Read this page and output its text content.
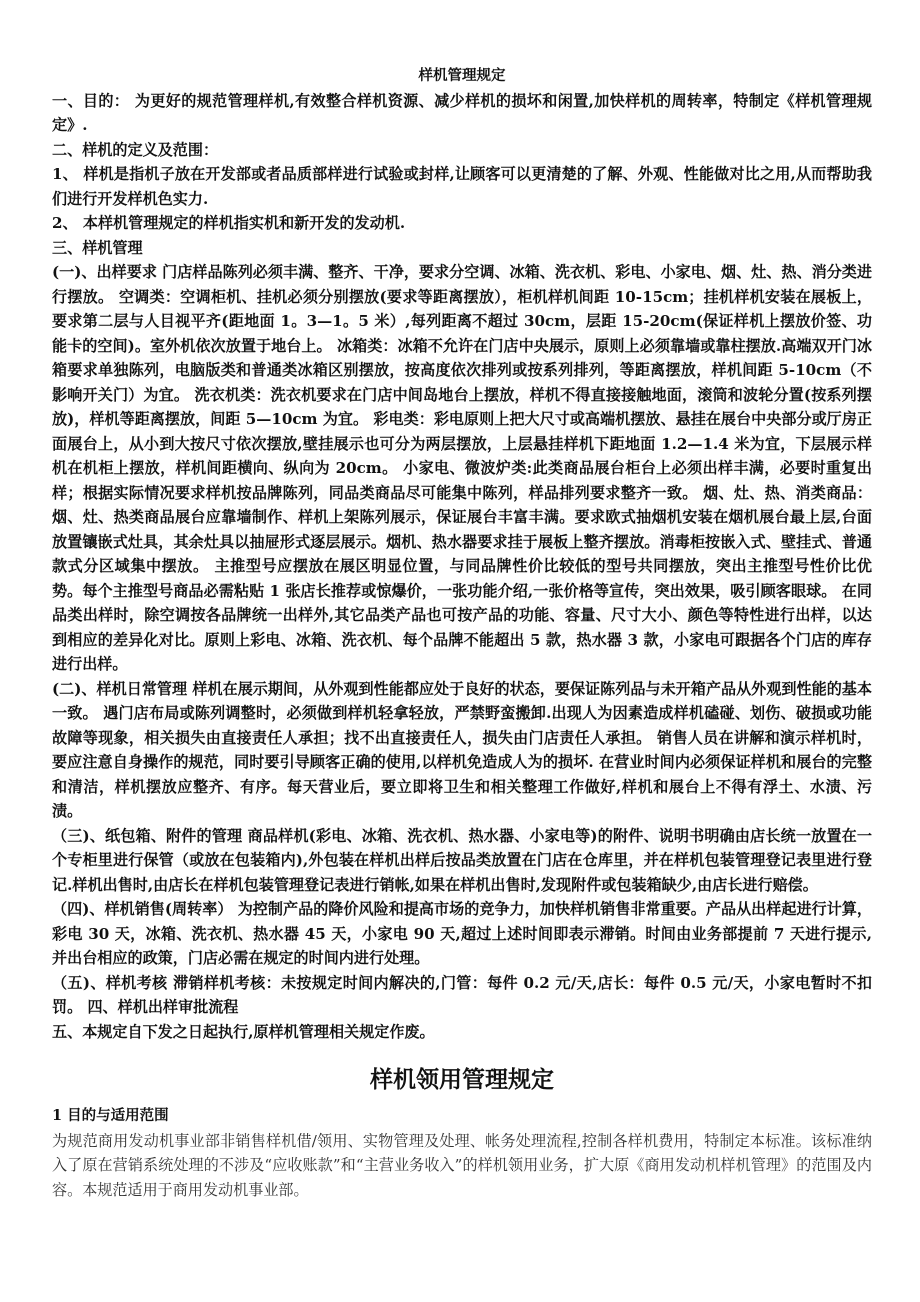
样机管理规定

一、目的： 为更好的规范管理样机,有效整合样机资源、减少样机的损坏和闲置,加快样机的周转率，特制定《样机管理规定》.

二、样机的定义及范围：

1、 样机是指机子放在开发部或者品质部样进行试验或封样,让顾客可以更清楚的了解、外观、性能做对比之用,从而帮助我们进行开发样机色实力.

2、 本样机管理规定的样机指实机和新开发的发动机.

三、样机管理

(一)、出样要求 门店样品陈列必须丰满、整齐、干净，要求分空调、冰箱、洗衣机、彩电、小家电、烟、灶、热、消分类进行摆放。 空调类：空调柜机、挂机必须分别摆放(要求等距离摆放），柜机样机间距 10-15cm；挂机样机安装在展板上，要求第二层与人目视平齐(距地面 1。3—1。5 米）,每列距离不超过 30cm，层距 15-20cm(保证样机上摆放价签、功能卡的空间)。室外机依次放置于地台上。 冰箱类：冰箱不允许在门店中央展示，原则上必须靠墙或靠柱摆放.高端双开门冰箱要求单独陈列，电脑版类和普通类冰箱区别摆放，按高度依次排列或按系列排列，等距离摆放，样机间距 5-10cm（不影响开关门）为宜。 洗衣机类：洗衣机要求在门店中间岛地台上摆放，样机不得直接接触地面，滚筒和波轮分置(按系列摆放)，样机等距离摆放，间距 5—10cm 为宜。 彩电类：彩电原则上把大尺寸或高端机摆放、悬挂在展台中央部分或厅房正面展台上，从小到大按尺寸依次摆放,壁挂展示也可分为两层摆放，上层悬挂样机下距地面 1.2—1.4 米为宜，下层展示样机在机柜上摆放，样机间距横向、纵向为 20cm。 小家电、微波炉类:此类商品展台柜台上必须出样丰满，必要时重复出样；根据实际情况要求样机按品牌陈列，同品类商品尽可能集中陈列，样品排列要求整齐一致。 烟、灶、热、消类商品：烟、灶、热类商品展台应靠墙制作、样机上架陈列展示，保证展台丰富丰满。要求欧式抽烟机安装在烟机展台最上层,台面放置镶嵌式灶具，其余灶具以抽屉形式逐层展示。烟机、热水器要求挂于展板上整齐摆放。消毒柜按嵌入式、壁挂式、普通款式分区域集中摆放。 主推型号应摆放在展区明显位置，与同品牌性价比较低的型号共同摆放，突出主推型号性价比优势。每个主推型号商品必需粘贴 1 张店长推荐或惊爆价，一张功能介绍,一张价格等宣传，突出效果，吸引顾客眼球。 在同品类出样时，除空调按各品牌统一出样外,其它品类产品也可按产品的功能、容量、尺寸大小、颜色等特性进行出样，以达到相应的差异化对比。原则上彩电、冰箱、洗衣机、每个品牌不能超出 5 款，热水器 3 款，小家电可跟据各个门店的库存进行出样。

(二)、样机日常管理 样机在展示期间，从外观到性能都应处于良好的状态，要保证陈列品与未开箱产品从外观到性能的基本一致。 遇门店布局或陈列调整时，必须做到样机轻拿轻放，严禁野蛮搬卸.出现人为因素造成样机磕碰、划伤、破损或功能故障等现象，相关损失由直接责任人承担；找不出直接责任人，损失由门店责任人承担。 销售人员在讲解和演示样机时，要应注意自身操作的规范，同时要引导顾客正确的使用,以样机免造成人为的损坏. 在营业时间内必须保证样机和展台的完整和清洁，样机摆放应整齐、有序。每天营业后，要立即将卫生和相关整理工作做好,样机和展台上不得有浮土、水渍、污渍。

（三)、纸包箱、附件的管理 商品样机(彩电、冰箱、洗衣机、热水器、小家电等)的附件、说明书明确由店长统一放置在一个专柜里进行保管（或放在包装箱内),外包装在样机出样后按品类放置在门店在仓库里，并在样机包装管理登记表里进行登记.样机出售时,由店长在样机包装管理登记表进行销帐,如果在样机出售时,发现附件或包装箱缺少,由店长进行赔偿。

（四)、样机销售(周转率） 为控制产品的降价风险和提高市场的竞争力，加快样机销售非常重要。产品从出样起进行计算，彩电 30 天，冰箱、洗衣机、热水器 45 天，小家电 90 天,超过上述时间即表示滞销。时间由业务部提前 7 天进行提示,并出台相应的政策，门店必需在规定的时间内进行处理。

（五)、样机考核 滞销样机考核：未按规定时间内解决的,门管：每件 0.2 元/天,店长：每件 0.5 元/天，小家电暂时不扣罚。 四、样机出样审批流程

五、本规定自下发之日起执行,原样机管理相关规定作废。

样机领用管理规定

1 目的与适用范围

为规范商用发动机事业部非销售样机借/领用、实物管理及处理、帐务处理流程,控制各样机费用，特制定本标准。该标准纳入了原在营销系统处理的不涉及“应收账款”和“主营业务收入”的样机领用业务，扩大原《商用发动机样机管理》的范围及内容。本规范适用于商用发动机事业部。
